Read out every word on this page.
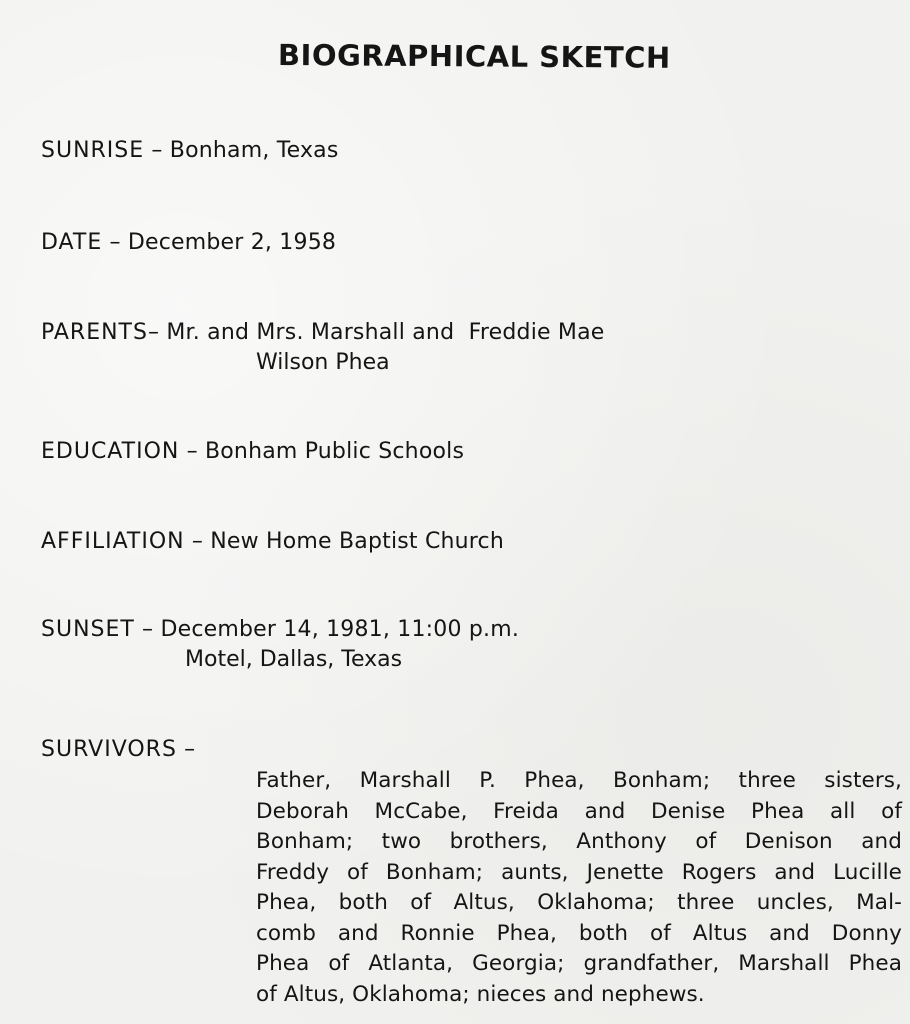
BIOGRAPHICAL SKETCH
SUNRISE – Bonham, Texas
DATE – December 2, 1958
PARENTS– Mr. and Mrs. Marshall and  Freddie Mae
Wilson Phea
EDUCATION – Bonham Public Schools
AFFILIATION – New Home Baptist Church
SUNSET – December 14, 1981, 11:00 p.m.
Motel, Dallas, Texas
SURVIVORS –
Father, Marshall P. Phea, Bonham; three sisters,
Deborah McCabe, Freida and Denise Phea all of
Bonham; two brothers, Anthony of Denison and
Freddy of Bonham; aunts, Jenette Rogers and Lucille
Phea, both of Altus, Oklahoma; three uncles, Mal-
comb and Ronnie Phea, both of Altus and Donny
Phea of Atlanta, Georgia; grandfather, Marshall Phea
of Altus, Oklahoma; nieces and nephews.
